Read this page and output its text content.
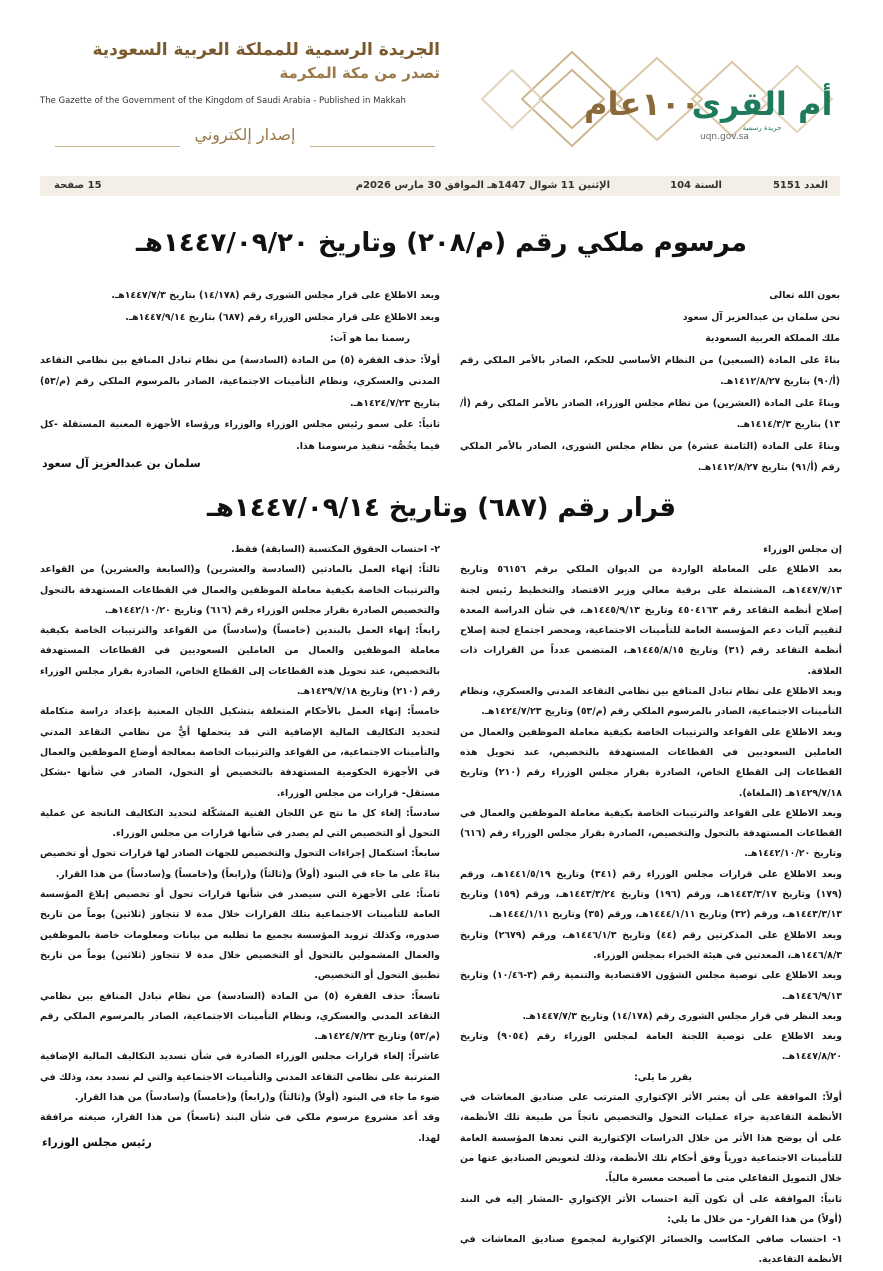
الجريدة الرسمية للمملكة العربية السعودية
تصدر من مكة المكرمة
The Gazette of the Government of the Kingdom of Saudi Arabia - Published in Makkah
إصدار إلكتروني
١٠٠عام
أم القرى
جريدة رسمية
uqn.gov.sa
العدد 5151
السنة 104
الإثنين 11 شوال 1447هـ الموافق 30 مارس 2026م
15 صفحة
مرسوم ملكي رقم (م/٢٠٨) وتاريخ ١٤٤٧/٠٩/٢٠هـ

بعون الله تعالى

نحن سلمان بن عبدالعزيز آل سعود

ملك المملكة العربية السعودية

بناءً على المادة (السبعين) من النظام الأساسي للحكم، الصادر بالأمر الملكي رقم (أ/٩٠) بتاريخ ١٤١٢/٨/٢٧هـ.

وبناءً على المادة (العشرين) من نظام مجلس الوزراء، الصادر بالأمر الملكي رقم (أ/١٣) بتاريخ ١٤١٤/٣/٣هـ.

وبناءً على المادة (الثامنة عشرة) من نظام مجلس الشورى، الصادر بالأمر الملكي رقم (أ/٩١) بتاريخ ١٤١٢/٨/٢٧هـ.

وبعد الاطلاع على قرار مجلس الشورى رقم (١٤/١٧٨) بتاريخ ١٤٤٧/٧/٣هـ.

وبعد الاطلاع على قرار مجلس الوزراء رقم (٦٨٧) بتاريخ ١٤٤٧/٩/١٤هـ.

رسمنا بما هو آت:

أولاً: حذف الفقرة (٥) من المادة (السادسة) من نظام تبادل المنافع بين نظامي التقاعد المدني والعسكري، ونظام التأمينات الاجتماعية، الصادر بالمرسوم الملكي رقم (م/٥٣) بتاريخ ١٤٢٤/٧/٢٣هـ.

ثانياً: على سمو رئيس مجلس الوزراء والوزراء ورؤساء الأجهزة المعنية المستقلة -كل فيما يخُصُّه- تنفيذ مرسومنا هذا.

سلمان بن عبدالعزيز آل سعود
قرار رقم (٦٨٧) وتاريخ ١٤٤٧/٠٩/١٤هـ

إن مجلس الوزراء

بعد الاطلاع على المعاملة الواردة من الديوان الملكي برقم ٥٦١٥٦ وتاريخ ١٤٤٧/٧/١٣هـ، المشتملة على برقية معالي وزير الاقتصاد والتخطيط رئيس لجنة إصلاح أنظمة التقاعد رقم ٤٥٠٤١٦٣ وتاريخ ١٤٤٥/٩/١٣هـ، في شأن الدراسة المعدة لتقييم آليات دعم المؤسسة العامة للتأمينات الاجتماعية، ومحضر اجتماع لجنة إصلاح أنظمة التقاعد رقم (٣١) وتاريخ ١٤٤٥/٨/١٥هـ، المتضمن عدداً من القرارات ذات العلاقة.

وبعد الاطلاع على نظام تبادل المنافع بين نظامي التقاعد المدني والعسكري، ونظام التأمينات الاجتماعية، الصادر بالمرسوم الملكي رقم (م/٥٣) وتاريخ ١٤٢٤/٧/٢٣هـ.

وبعد الاطلاع على القواعد والترتيبات الخاصة بكيفية معاملة الموظفين والعمال من العاملين السعوديين في القطاعات المستهدفة بالتخصيص، عند تحويل هذه القطاعات إلى القطاع الخاص، الصادرة بقرار مجلس الوزراء رقم (٢١٠) وتاريخ ١٤٢٩/٧/١٨هـ (الملغاة).

وبعد الاطلاع على القواعد والترتيبات الخاصة بكيفية معاملة الموظفين والعمال في القطاعات المستهدفة بالتحول والتخصيص، الصادرة بقرار مجلس الوزراء رقم (٦١٦) وتاريخ ١٤٤٢/١٠/٢٠هـ.

وبعد الاطلاع على قرارات مجلس الوزراء رقم (٣٤١) وتاريخ ١٤٤١/٥/١٩هـ، ورقم (١٧٩) وتاريخ ١٤٤٣/٣/١٧هـ، ورقم (١٩٦) وتاريخ ١٤٤٣/٣/٢٤هـ، ورقم (١٥٩) وتاريخ ١٤٤٣/٣/١٣هـ، ورقم (٣٢) وتاريخ ١٤٤٤/١/١١هـ، ورقم (٣٥) وتاريخ ١٤٤٤/١/١١هـ.

وبعد الاطلاع على المذكرتين رقم (٤٤) وتاريخ ١٤٤٦/١/٣هـ، ورقم (٢٦٧٩) وتاريخ ١٤٤٦/٨/٣هـ، المعدتين في هيئة الخبراء بمجلس الوزراء.

وبعد الاطلاع على توصية مجلس الشؤون الاقتصادية والتنمية رقم (٣-١٠/٤٦) وتاريخ ١٤٤٦/٩/١٣هـ.

وبعد النظر في قرار مجلس الشورى رقم (١٤/١٧٨) وتاريخ ١٤٤٧/٧/٣هـ.

وبعد الاطلاع على توصية اللجنة العامة لمجلس الوزراء رقم (٩٠٥٤) وتاريخ ١٤٤٧/٨/٢٠هـ.

يقرر ما يلي:

أولاً: الموافقة على أن يعتبر الأثر الإكتواري المترتب على صناديق المعاشات في الأنظمة التقاعدية جراء عمليات التحول والتخصيص ناتجاً من طبيعة تلك الأنظمة، على أن يوضح هذا الأثر من خلال الدراسات الإكتوارية التي تعدها المؤسسة العامة للتأمينات الاجتماعية دورياً وفق أحكام تلك الأنظمة، وذلك لتعويض الصناديق عنها من خلال التمويل التفاعلي متى ما أصبحت معسرة مالياً.

ثانياً: الموافقة على أن تكون آلية احتساب الأثر الإكتواري -المشار إليه في البند (أولاً) من هذا القرار- من خلال ما يلي:

١- احتساب صافي المكاسب والخسائر الإكتوارية لمجموع صناديق المعاشات في الأنظمة التقاعدية.

٢- احتساب الحقوق المكتسبة (السابقة) فقط.

ثالثاً: إنهاء العمل بالمادتين (السادسة والعشرين) و(السابعة والعشرين) من القواعد والترتيبات الخاصة بكيفية معاملة الموظفين والعمال في القطاعات المستهدفة بالتحول والتخصيص الصادرة بقرار مجلس الوزراء رقم (٦١٦) وتاريخ ١٤٤٢/١٠/٢٠هـ.

رابعاً: إنهاء العمل بالبندين (خامساً) و(سادساً) من القواعد والترتيبات الخاصة بكيفية معاملة الموظفين والعمال من العاملين السعوديين في القطاعات المستهدفة بالتخصيص، عند تحويل هذه القطاعات إلى القطاع الخاص، الصادرة بقرار مجلس الوزراء رقم (٢١٠) وتاريخ ١٤٢٩/٧/١٨هـ.

خامساً: إنهاء العمل بالأحكام المتعلقة بتشكيل اللجان المعنية بإعداد دراسة متكاملة لتحديد التكاليف المالية الإضافية التي قد يتحملها أيٌّ من نظامي التقاعد المدني والتأمينات الاجتماعية، من القواعد والترتيبات الخاصة بمعالجة أوضاع الموظفين والعمال في الأجهزة الحكومية المستهدفة بالتخصيص أو التحول، الصادر في شأنها -بشكل مستقل- قرارات من مجلس الوزراء.

سادساً: إلغاء كل ما نتج عن اللجان الفنية المشكّلة لتحديد التكاليف الناتجة عن عملية التحول أو التخصيص التي لم يصدر في شأنها قرارات من مجلس الوزراء.

سابعاً: استكمال إجراءات التحول والتخصيص للجهات الصادر لها قرارات تحول أو تخصيص بناءً على ما جاء في البنود (أولاً) و(ثالثاً) و(رابعاً) و(خامساً) و(سادساً) من هذا القرار.

ثامناً: على الأجهزة التي سيصدر في شأنها قرارات تحول أو تخصيص إبلاغ المؤسسة العامة للتأمينات الاجتماعية بتلك القرارات خلال مدة لا تتجاوز (ثلاثين) يوماً من تاريخ صدوره، وكذلك تزويد المؤسسة بجميع ما تطلبه من بيانات ومعلومات خاصة بالموظفين والعمال المشمولين بالتحول أو التخصيص خلال مدة لا تتجاوز (ثلاثين) يوماً من تاريخ تطبيق التحول أو التخصيص.

تاسعاً: حذف الفقرة (٥) من المادة (السادسة) من نظام تبادل المنافع بين نظامي التقاعد المدني والعسكري، ونظام التأمينات الاجتماعية، الصادر بالمرسوم الملكي رقم (م/٥٣) وتاريخ ١٤٢٤/٧/٢٣هـ.

عاشراً: إلغاء قرارات مجلس الوزراء الصادرة في شأن تسديد التكاليف المالية الإضافية المترتبة على نظامي التقاعد المدني والتأمينات الاجتماعية والتي لم تسدد بعد، وذلك في ضوء ما جاء في البنود (أولاً) و(ثالثاً) و(رابعاً) و(خامساً) و(سادساً) من هذا القرار.

وقد أعد مشروع مرسوم ملكي في شأن البند (تاسعاً) من هذا القرار، صيغته مرافقة لهذا.

رئيس مجلس الوزراء
